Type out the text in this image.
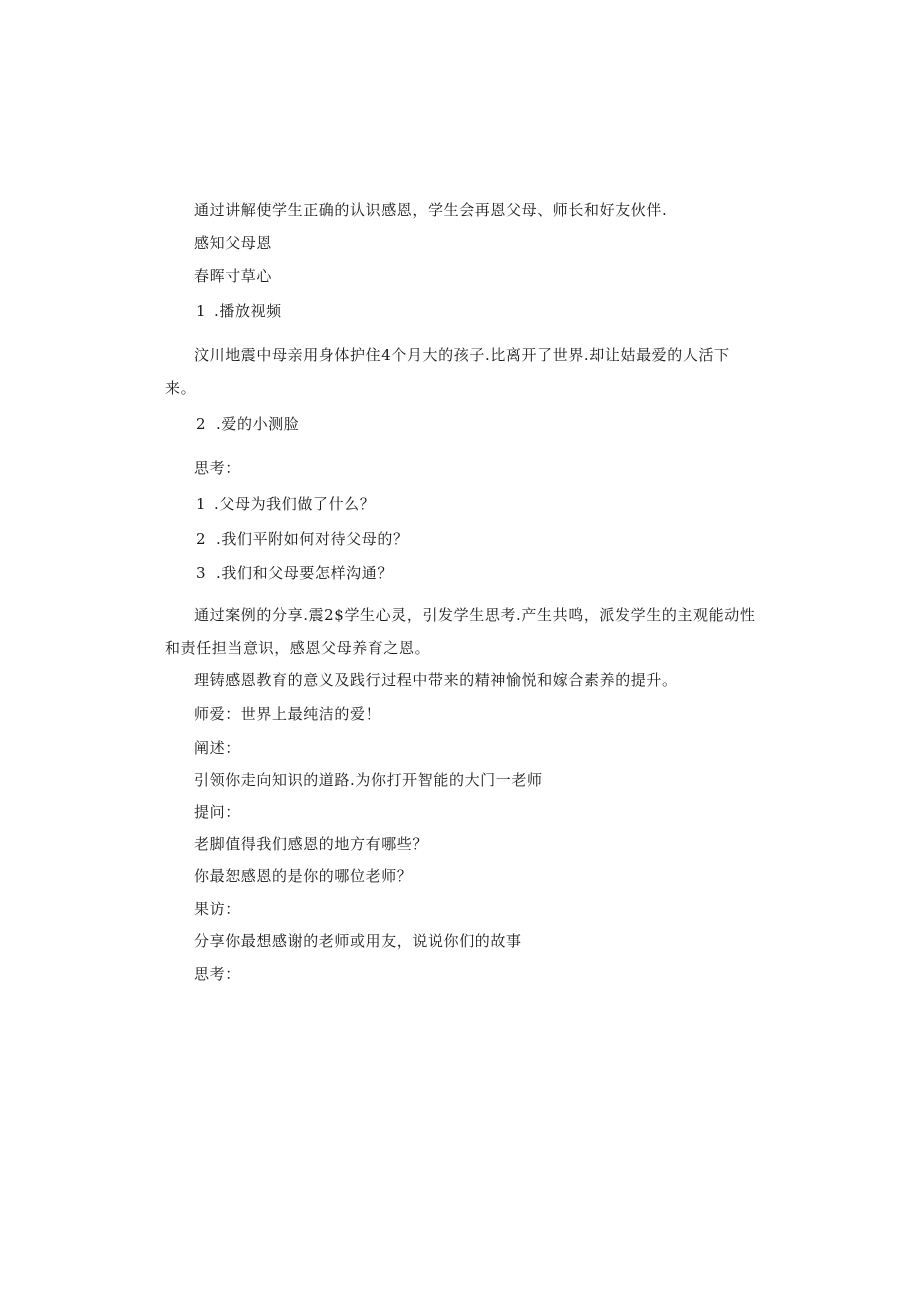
通过讲解使学生正确的认识感恩，学生会再恩父母、师长和好友伙伴.
感知父母恩
春晖寸草心
1 .播放视频
汶川地震中母亲用身体护住4个月大的孩子.比离开了世界.却让姑最爱的人活下
来。
2 .爱的小测脸
思考：
1 .父母为我们做了什么？
2 .我们平附如何对待父母的？
3 .我们和父母要怎样沟通？
通过案例的分享.震2$学生心灵，引发学生思考.产生共鸣，派发学生的主观能动性
和责任担当意识，感恩父母养育之恩。
理铸感恩教育的意义及践行过程中带来的精神愉悦和嫁合素养的提升。
师爱：世界上最纯洁的爱！
阐述：
引领你走向知识的道路.为你打开智能的大门一老师
提问：
老脚值得我们感恩的地方有哪些？
你最恕感恩的是你的哪位老师？
果访：
分享你最想感谢的老师或用友，说说你们的故事
思考：
